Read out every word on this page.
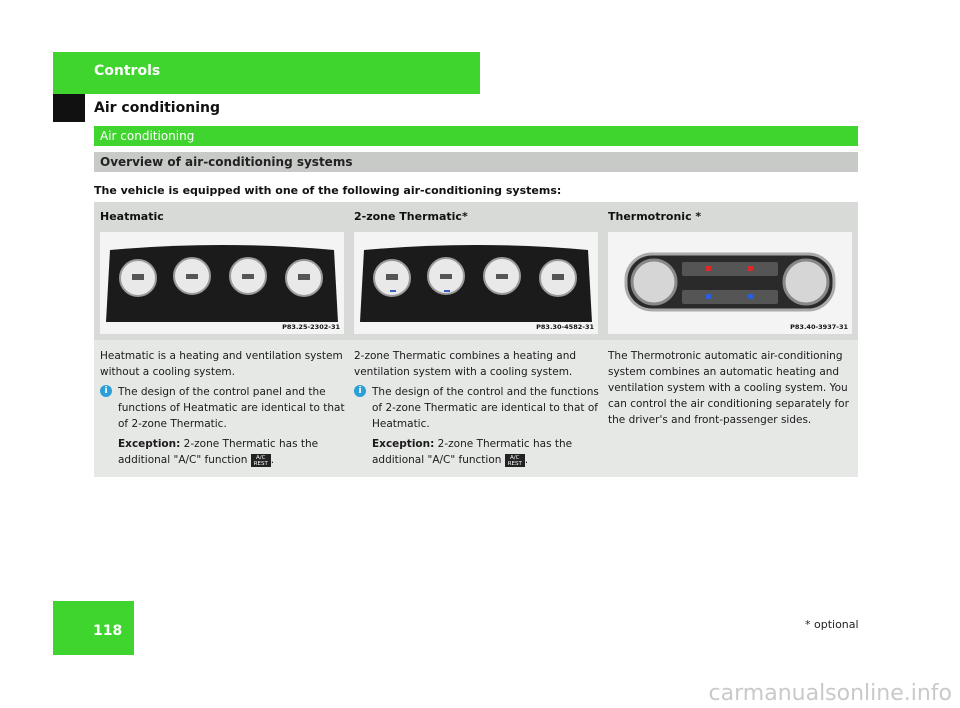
Controls
Air conditioning
Air conditioning
Overview of air-conditioning systems
The vehicle is equipped with one of the following air-conditioning systems:
Heatmatic
P83.25-2302-31

Heatmatic is a heating and ventilation system without a cooling system.

i The design of the control panel and the functions of Heatmatic are identical to that of 2-zone Thermatic.

Exception: 2-zone Thermatic has the additional "A/C" function A/C
REST .

2-zone Thermatic*
P83.30-4582-31

2-zone Thermatic combines a heating and ventilation system with a cooling system.

i The design of the control and the functions of 2-zone Thermatic are identical to that of Heatmatic.

Exception: 2-zone Thermatic has the additional "A/C" function A/C
REST .

Thermotronic *
P83.40-3937-31

The Thermotronic automatic air-conditioning system combines an automatic heating and ventilation system with a cooling system. You can control the air conditioning separately for the driver's and front-passenger sides.

118	* optional
carmanualsonline.info
